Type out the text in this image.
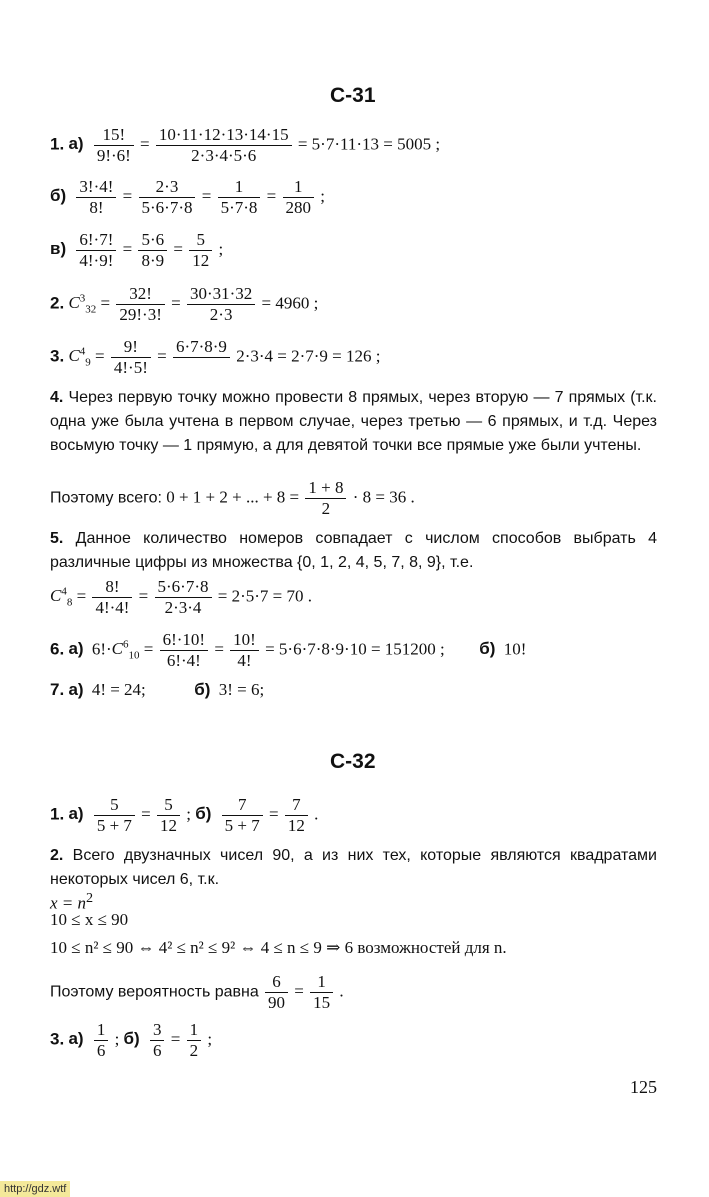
С-31
1. $а) \frac{15!}{9!\cdot 6!} = \frac{10\cdot 11\cdot 12\cdot 13\cdot 14\cdot 15}{2\cdot 3\cdot 4\cdot 5\cdot 6} = 5\cdot 7\cdot 11\cdot 13 = 5005$ ;
$б) \frac{3!\cdot 4!}{8!} = \frac{2\cdot 3}{5\cdot 6\cdot 7\cdot 8} = \frac{1}{5\cdot 7\cdot 8} = \frac{1}{280}$ ;
$в) \frac{6!\cdot 7!}{4!\cdot 9!} = \frac{5\cdot 6}{8\cdot 9} = \frac{5}{12}$ ;
2. $C^3_{32} = \frac{32!}{29!\cdot 3!} = \frac{30\cdot 31\cdot 32}{2\cdot 3} = 4960$ ;
3. $C^4_9 = \frac{9!}{4!\cdot 5!} = 6\cdot 7\cdot 8\cdot 9$
2·3·4 = 2·7·9 = 126 ;
4. Через первую точку можно провести 8 прямых, через вторую — 7 прямых (т.к. одна уже была учтена в первом случае, через третью — 6 прямых, и т.д. Через восьмую точку — 1 прямую, а для девятой точки все прямые уже были учтены.
Поэтому всего: 0 + 1 + 2 + ... + $8 = \frac{1 + 8}{2} \cdot 8 = 36$ .
5. Данное количество номеров совпадает с числом способов выбрать 4 различные цифры из множества {0, 1, 2, 4, 5, 7, 8, 9}, т.е.
$C^4_8 = \frac{8!}{4!\cdot 4!} = \frac{5\cdot 6\cdot 7\cdot 8}{2\cdot 3\cdot 4} = 2\cdot 5\cdot 7 = 70$ .
6. а) $6!\cdot C^6_{10} = \frac{6!\cdot 10!}{6!\cdot 4!} = \frac{10!}{4!} = 5\cdot 6\cdot 7\cdot 8\cdot 9\cdot 10 = 151200$ ; б) 10!
7. а) 4! = 24;	б) 3! = 6;
С-32
1. $а) \frac{5}{5 + 7} = \frac{5}{12}$ ; $б) \frac{7}{5 + 7} = \frac{7}{12}$ .
2. Всего двузначных чисел 90, а из них тех, которые являются квадратами некоторых чисел 6, т.к.
$x = n^2$
10 ≤ x ≤ 90
10 ≤ n² ≤ 90 ⇔ 4² ≤ n² ≤ 9² ⇔ 4 ≤ n ≤ 9 ⇒ 6 возможностей для n.
Поэтому вероятность равна $\frac{6}{90} = \frac{1}{15}$ .
3. $а) \frac{1}{6}$ ; $б) \frac{3}{6} = \frac{1}{2}$ ;
125
http://gdz.wtf
